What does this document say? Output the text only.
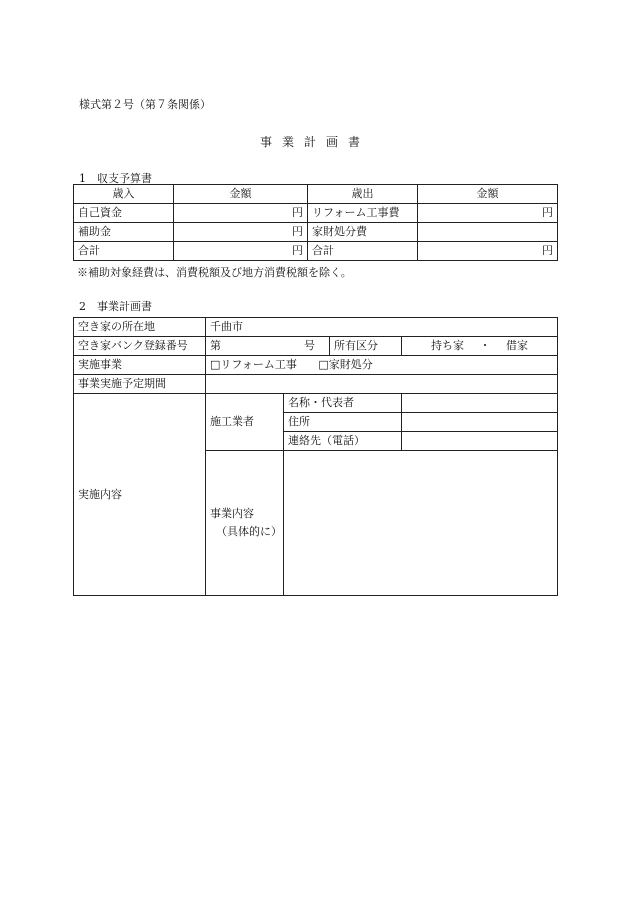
様式第２号（第７条関係）
事業計画書
1　収支予算書
歳入	金額	歳出	金額
自己資金	円	リフォーム工事費	円
補助金	円	家財処分費	
合計	円	合計	円
※補助対象経費は、消費税額及び地方消費税額を除く。
2　事業計画書
空き家の所在地	千曲市			
空き家バンク登録番号	第 号		所有区分	持ち家 ・ 借家
実施事業	□リフォーム工事 □家財処分			
事業実施予定期間				
実施内容	施工業者	名称・代表者		
		住所		
		連絡先（電話）		

	事業内容
（具体的に）			
